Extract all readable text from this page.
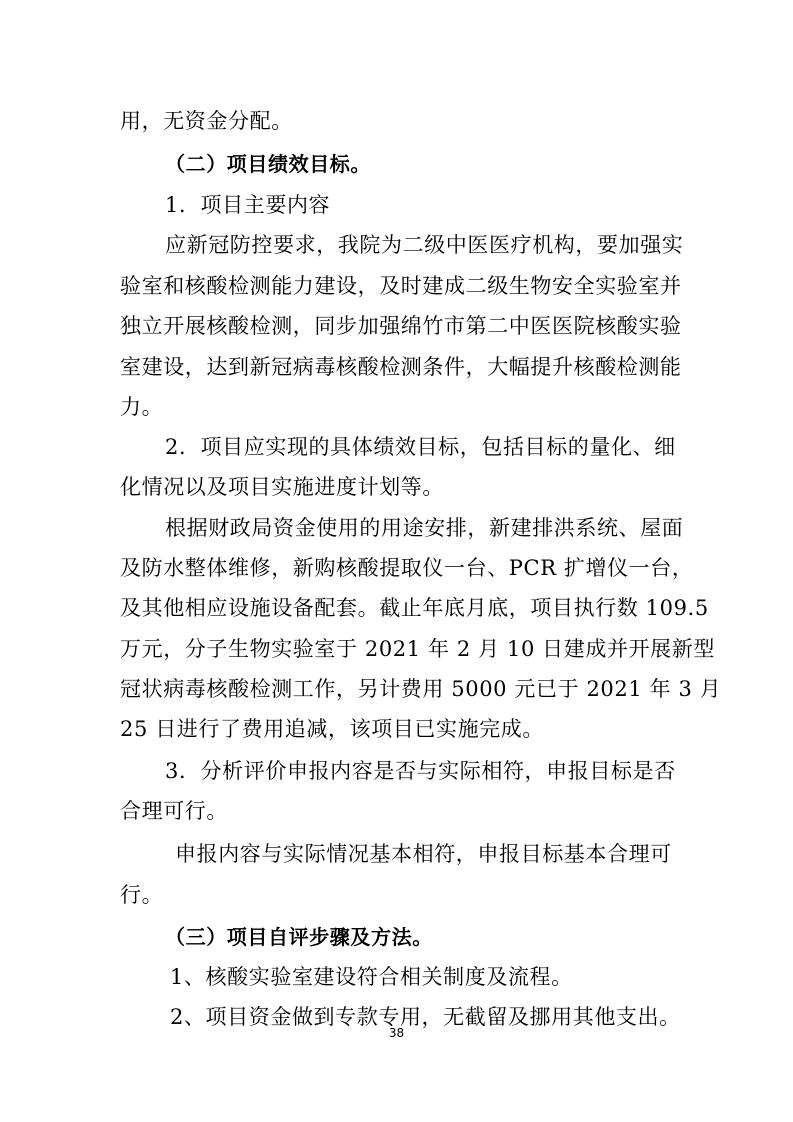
用，无资金分配。
（二）项目绩效目标。
1．项目主要内容
应新冠防控要求，我院为二级中医医疗机构，要加强实
验室和核酸检测能力建设，及时建成二级生物安全实验室并
独立开展核酸检测，同步加强绵竹市第二中医医院核酸实验
室建设，达到新冠病毒核酸检测条件，大幅提升核酸检测能
力。
2．项目应实现的具体绩效目标，包括目标的量化、细
化情况以及项目实施进度计划等。
根据财政局资金使用的用途安排，新建排洪系统、屋面
及防水整体维修，新购核酸提取仪一台、PCR 扩增仪一台，
及其他相应设施设备配套。截止年底月底，项目执行数 109.5
万元，分子生物实验室于 2021 年 2 月 10 日建成并开展新型
冠状病毒核酸检测工作，另计费用 5000 元已于 2021 年 3 月
25 日进行了费用追减，该项目已实施完成。
3．分析评价申报内容是否与实际相符，申报目标是否
合理可行。
申报内容与实际情况基本相符，申报目标基本合理可
行。
（三）项目自评步骤及方法。
1、核酸实验室建设符合相关制度及流程。
2、项目资金做到专款专用，无截留及挪用其他支出。
38
